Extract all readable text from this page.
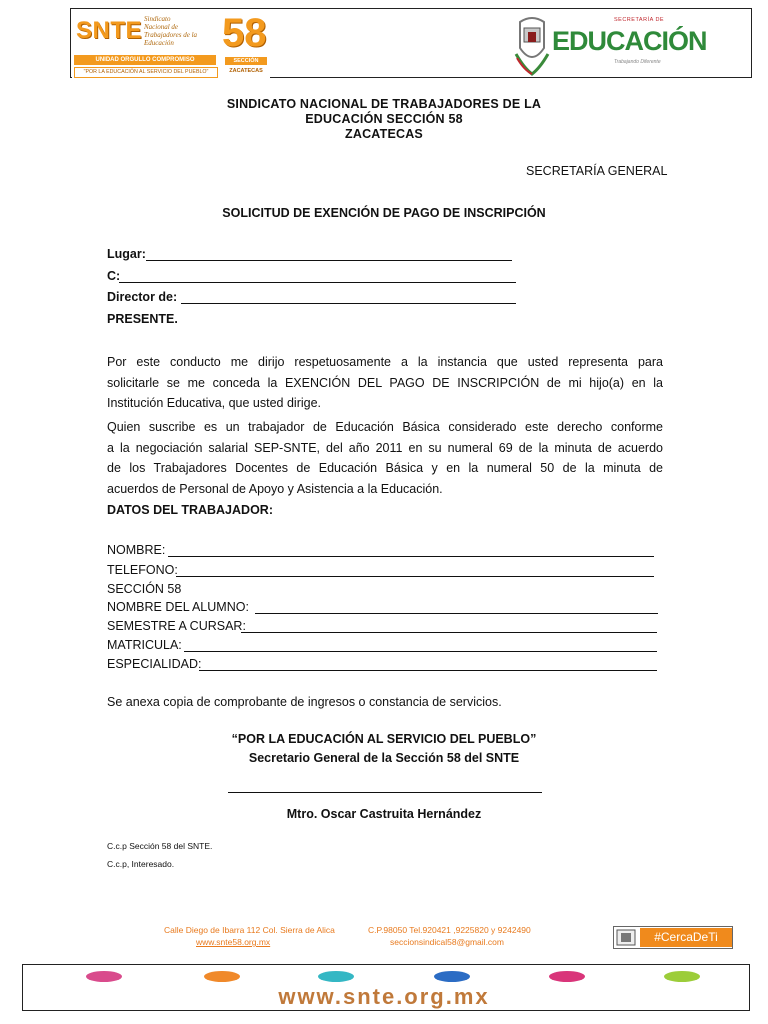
SNTE Sindicato
Nacional de
Trabajadores de la
Educación
UNIDAD ORGULLO COMPROMISO
"POR LA EDUCACIÓN AL SERVICIO DEL PUEBLO"
58
SECCIÓN
ZACATECAS
SECRETARÍA DE
EDUCACIÓN
Trabajando Diferente
SINDICATO NACIONAL DE TRABAJADORES DE LA
EDUCACIÓN SECCIÓN 58
ZACATECAS
SECRETARÍA GENERAL
SOLICITUD DE EXENCIÓN DE PAGO DE INSCRIPCIÓN
Lugar:
C:
Director de:
PRESENTE.
Por este conducto me dirijo respetuosamente a la instancia que usted representa para
solicitarle se me conceda la EXENCIÓN DEL PAGO DE INSCRIPCIÓN de mi hijo(a) en la
Institución Educativa, que usted dirige.
Quien suscribe es un trabajador de Educación Básica considerado este derecho conforme
a la negociación salarial SEP-SNTE, del año 2011 en su numeral 69 de la minuta de acuerdo
de los Trabajadores Docentes de Educación Básica y en la numeral 50 de la minuta de
acuerdos de Personal de Apoyo y Asistencia a la Educación.
DATOS DEL TRABAJADOR:
NOMBRE:
TELEFONO:
SECCIÓN 58
NOMBRE DEL ALUMNO:
SEMESTRE A CURSAR:
MATRICULA:
ESPECIALIDAD:
Se anexa copia de comprobante de ingresos o constancia de servicios.
“POR LA EDUCACIÓN AL SERVICIO DEL PUEBLO”
Secretario General de la Sección 58 del SNTE
Mtro. Oscar Castruita Hernández
C.c.p Sección 58 del SNTE.
C.c.p, Interesado.
Calle Diego de Ibarra 112 Col. Sierra de Alica
www.snte58.org.mx
C.P.98050 Tel.920421 ,9225820 y 9242490
seccionsindical58@gmail.com	#CercaDeTi
www.snte.org.mx
